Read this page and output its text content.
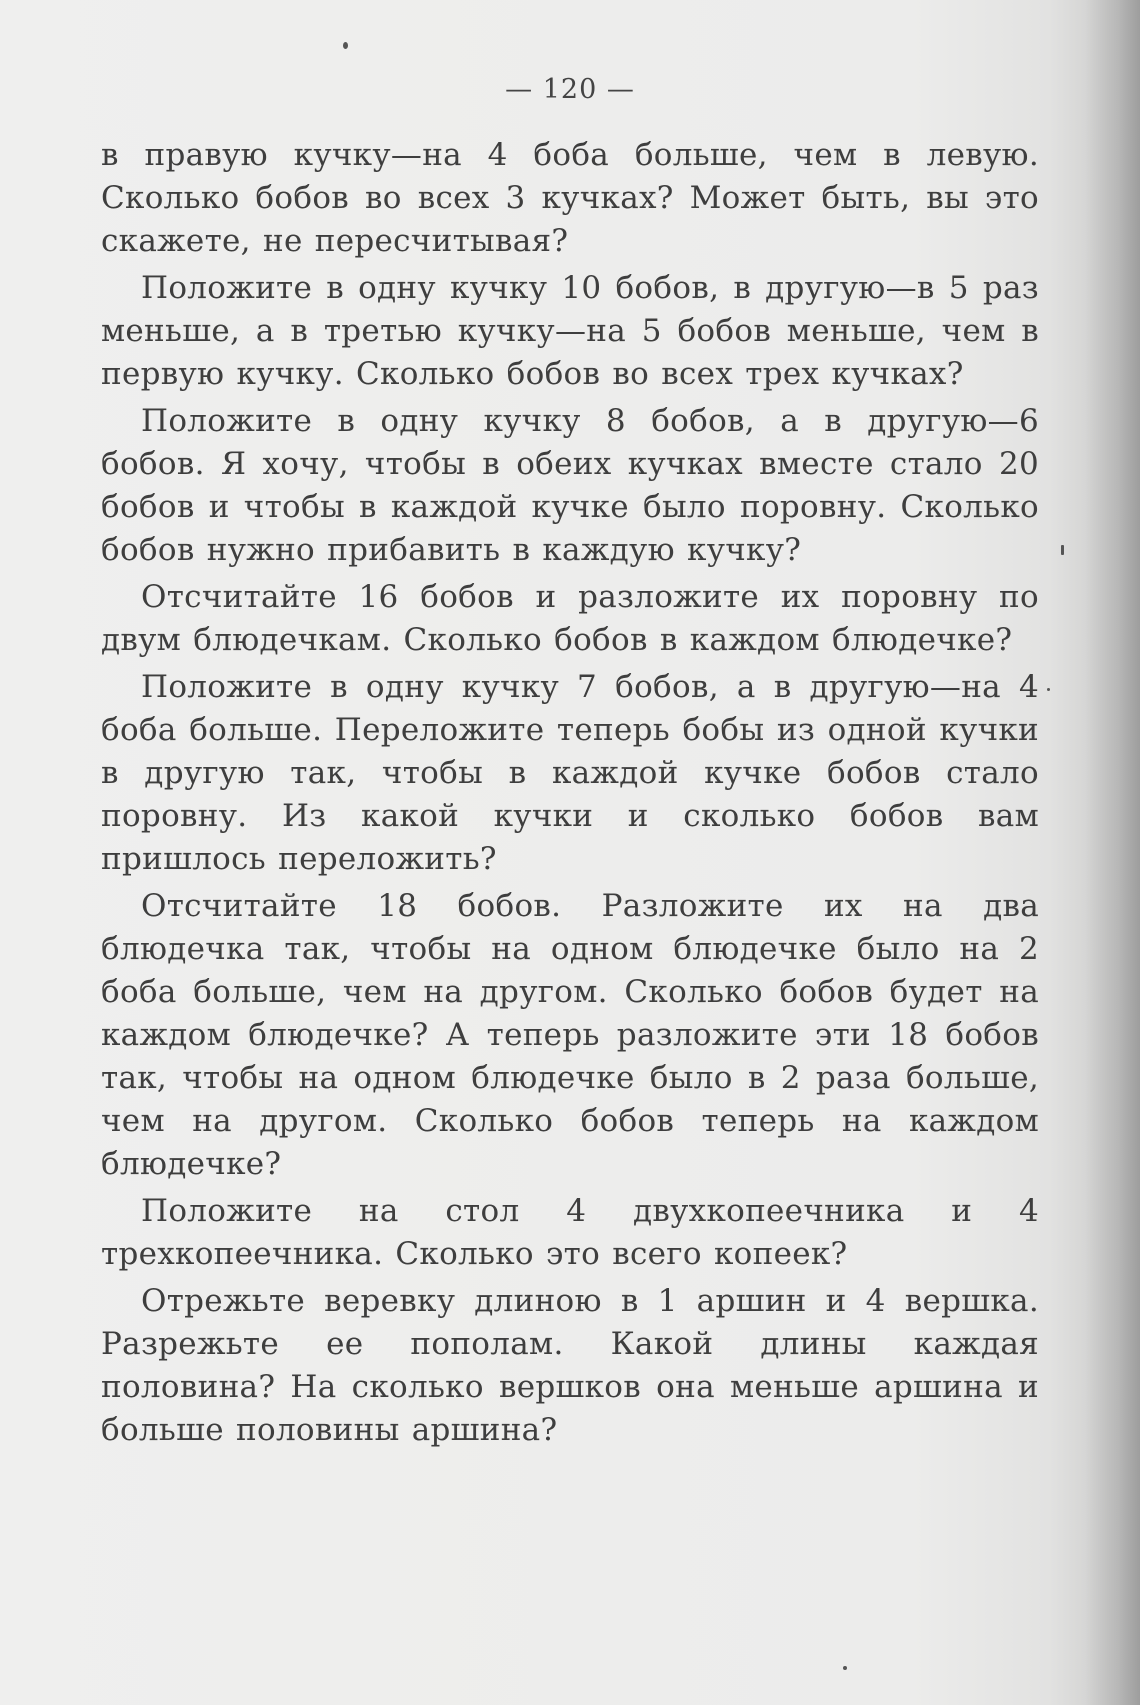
— 120 —

в правую кучку—на 4 боба больше, чем в левую. Сколько бобов во всех 3 кучках? Может быть, вы это скажете, не пересчитывая?

Положите в одну кучку 10 бобов, в другую—в 5 раз меньше, а в третью кучку—на 5 бобов меньше, чем в первую кучку. Сколько бобов во всех трех кучках?

Положите в одну кучку 8 бобов, а в другую—6 бобов. Я хочу, чтобы в обеих кучках вместе стало 20 бобов и чтобы в каждой кучке было поровну. Сколько бобов нужно прибавить в каждую кучку?

Отсчитайте 16 бобов и разложите их поровну по двум блюдечкам. Сколько бобов в каждом блюдечке?

Положите в одну кучку 7 бобов, а в другую—на 4 боба больше. Переложите теперь бобы из одной кучки в другую так, чтобы в каждой кучке бобов стало поровну. Из какой кучки и сколько бобов вам пришлось переложить?

Отсчитайте 18 бобов. Разложите их на два блюдечка так, чтобы на одном блюдечке было на 2 боба больше, чем на другом. Сколько бобов будет на каждом блюдечке? А теперь разложите эти 18 бобов так, чтобы на одном блюдечке было в 2 раза больше, чем на другом. Сколько бобов теперь на каждом блюдечке?

Положите на стол 4 двухкопеечника и 4 трехкопеечника. Сколько это всего копеек?

Отрежьте веревку длиною в 1 аршин и 4 вершка. Разрежьте ее пополам. Какой длины каждая половина? На сколько вершков она меньше аршина и больше половины аршина?
